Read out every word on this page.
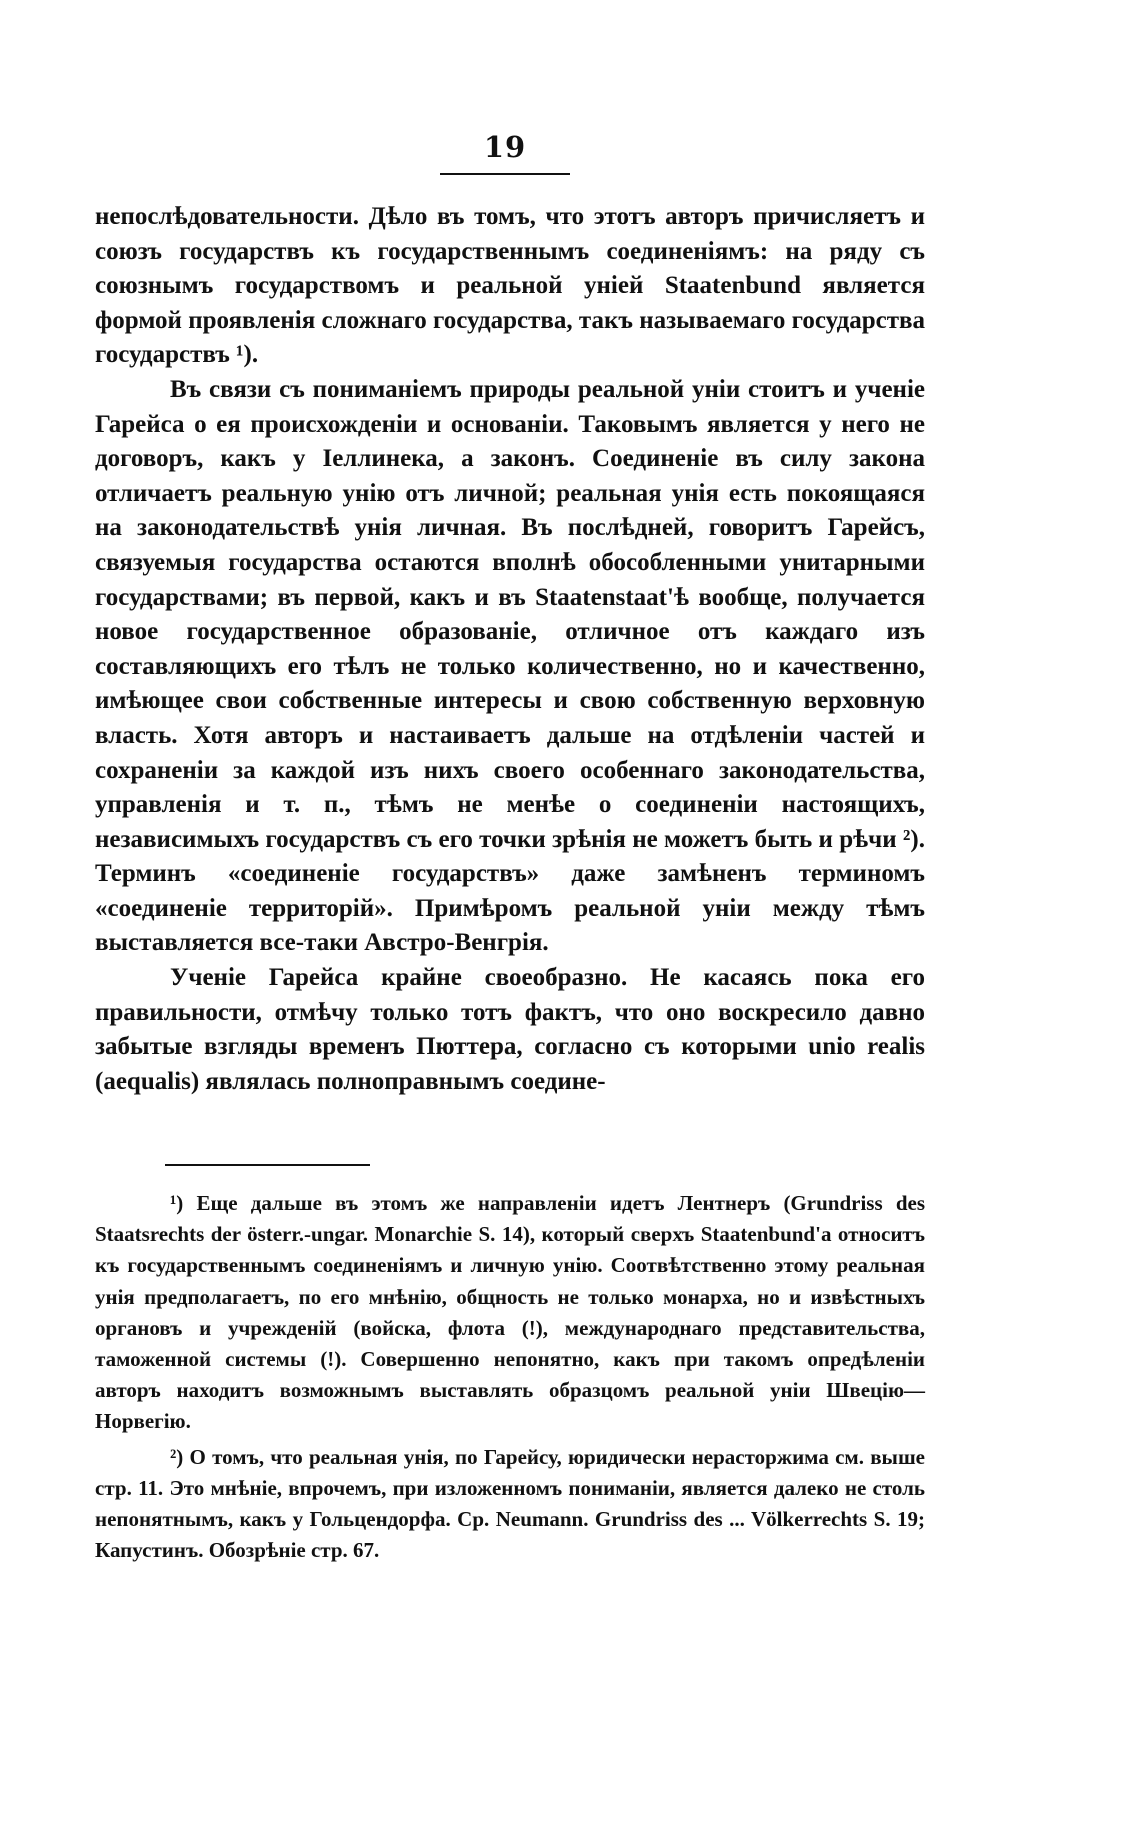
19

непослѣдовательности. Дѣло въ томъ, что этотъ авторъ причисляетъ и союзъ государствъ къ государственнымъ соединеніямъ: на ряду съ союзнымъ государствомъ и реальной уніей Staatenbund является формой проявленія сложнаго государства, такъ называемаго государства государствъ ¹).

Въ связи съ пониманіемъ природы реальной уніи стоитъ и ученіе Гарейса о ея происхожденіи и основаніи. Таковымъ является у него не договоръ, какъ у Іеллинека, а законъ. Соединеніе въ силу закона отличаетъ реальную унію отъ личной; реальная унія есть покоящаяся на законодательствѣ унія личная. Въ послѣдней, говоритъ Гарейсъ, связуемыя государства остаются вполнѣ обособленными унитарными государствами; въ первой, какъ и въ Staatenstaat'ѣ вообще, получается новое государственное образованіе, отличное отъ каждаго изъ составляющихъ его тѣлъ не только количественно, но и качественно, имѣющее свои собственные интересы и свою собственную верховную власть. Хотя авторъ и настаиваетъ дальше на отдѣленіи частей и сохраненіи за каждой изъ нихъ своего особеннаго законодательства, управленія и т. п., тѣмъ не менѣе о соединеніи настоящихъ, независимыхъ государствъ съ его точки зрѣнія не можетъ быть и рѣчи ²). Терминъ «соединеніе государствъ» даже замѣненъ терминомъ «соединеніе территорій». Примѣромъ реальной уніи между тѣмъ выставляется все-таки Австро-Венгрія.

Ученіе Гарейса крайне своеобразно. Не касаясь пока его правильности, отмѣчу только тотъ фактъ, что оно воскресило давно забытые взгляды временъ Пюттера, согласно съ которыми unio realis (aequalis) являлась полноправнымъ соедине-

¹) Еще дальше въ этомъ же направленіи идетъ Лентнеръ (Grundriss des Staatsrechts der österr.-ungar. Monarchie S. 14), который сверхъ Staatenbund'а относитъ къ государственнымъ соединеніямъ и личную унію. Соотвѣтственно этому реальная унія предполагаетъ, по его мнѣнію, общность не только монарха, но и извѣстныхъ органовъ и учрежденій (войска, флота (!), международнаго представительства, таможенной системы (!). Совершенно непонятно, какъ при такомъ опредѣленіи авторъ находитъ возможнымъ выставлять образцомъ реальной уніи Швецію—Норвегію.

²) О томъ, что реальная унія, по Гарейсу, юридически нерасторжима см. выше стр. 11. Это мнѣніе, впрочемъ, при изложенномъ пониманіи, является далеко не столь непонятнымъ, какъ у Гольцендорфа. Ср. Neumann. Grundriss des ... Völkerrechts S. 19; Капустинъ. Обозрѣніе стр. 67.
